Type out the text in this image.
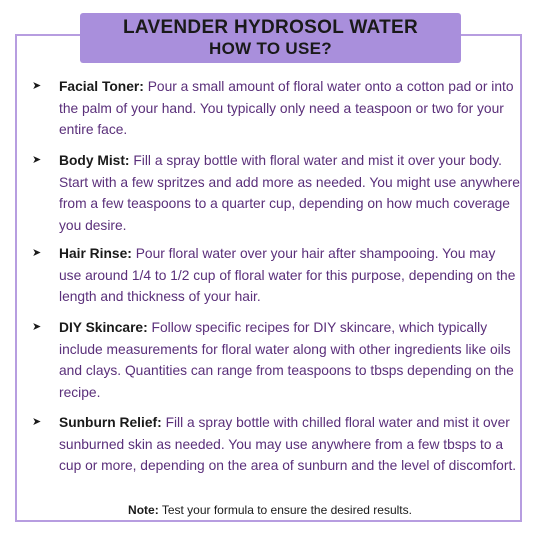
LAVENDER HYDROSOL WATER
HOW TO USE?
➤ Facial Toner: Pour a small amount of floral water onto a cotton pad or into the palm of your hand. You typically only need a teaspoon or two for your entire face.
➤ Body Mist: Fill a spray bottle with floral water and mist it over your body. Start with a few spritzes and add more as needed. You might use anywhere from a few teaspoons to a quarter cup, depending on how much coverage you desire.
➤ Hair Rinse: Pour floral water over your hair after shampooing. You may use around 1/4 to 1/2 cup of floral water for this purpose, depending on the length and thickness of your hair.
➤ DIY Skincare: Follow specific recipes for DIY skincare, which typically include measurements for floral water along with other ingredients like oils and clays. Quantities can range from teaspoons to tbsps depending on the recipe.
➤ Sunburn Relief: Fill a spray bottle with chilled floral water and mist it over sunburned skin as needed. You may use anywhere from a few tbsps to a cup or more, depending on the area of sunburn and the level of discomfort.
Note: Test your formula to ensure the desired results.
